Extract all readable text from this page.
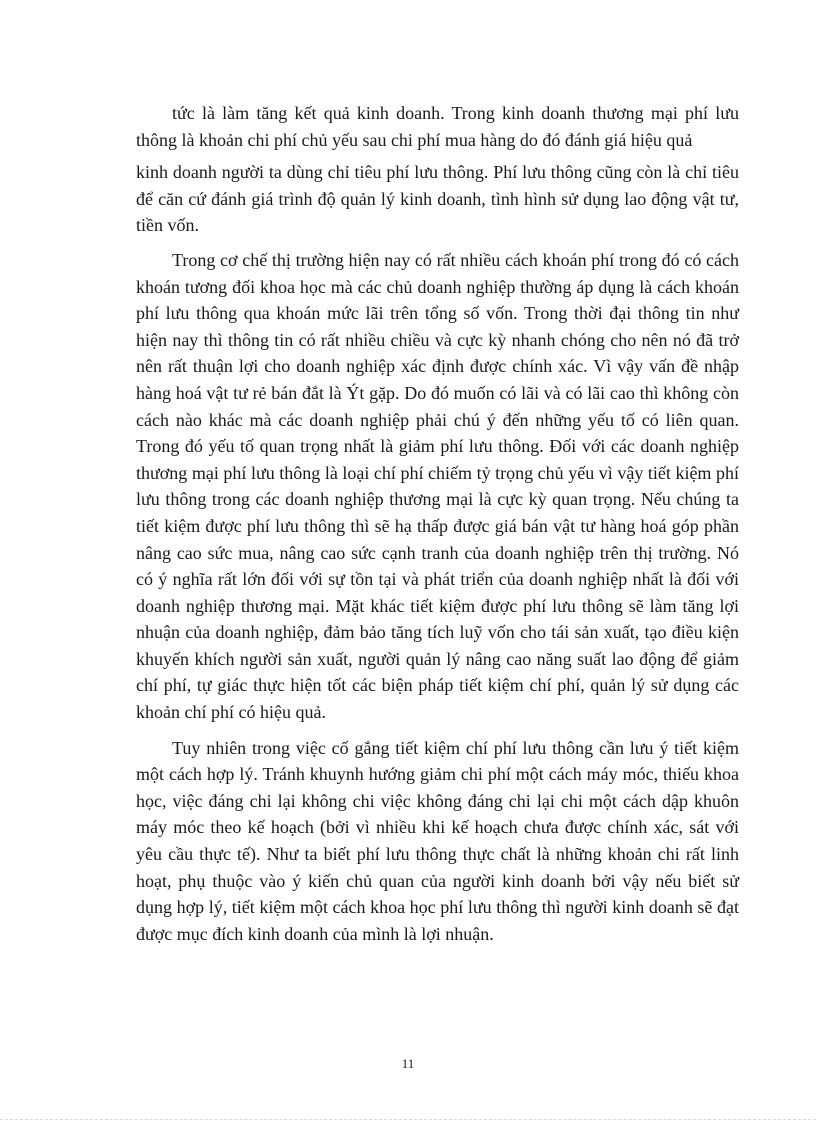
tức là làm tăng kết quả kinh doanh. Trong kinh doanh thương mại phí lưu thông là khoản chi phí chủ yếu sau chi phí mua hàng do đó đánh giá hiệu quả

kinh doanh người ta dùng chỉ tiêu phí lưu thông. Phí lưu thông cũng còn là chỉ tiêu để căn cứ đánh giá trình độ quản lý kinh doanh, tình hình sử dụng lao động vật tư, tiền vốn.

Trong cơ chế thị trường hiện nay có rất nhiều cách khoán phí trong đó có cách khoán tương đối khoa học mà các chủ doanh nghiệp thường áp dụng là cách khoán phí lưu thông qua khoán mức lãi trên tổng số vốn. Trong thời đại thông tin như hiện nay thì thông tin có rất nhiều chiều và cực kỳ nhanh chóng cho nên nó đã trở nên rất thuận lợi cho doanh nghiệp xác định được chính xác. Vì vậy vấn đề nhập hàng hoá vật tư rẻ bán đắt là Ýt gặp. Do đó muốn có lãi và có lãi cao thì không còn cách nào khác mà các doanh nghiệp phải chú ý đến những yếu tố có liên quan. Trong đó yếu tố quan trọng nhất là giảm phí lưu thông. Đối với các doanh nghiệp thương mại phí lưu thông là loại chí phí chiếm tỷ trọng chủ yếu vì vậy tiết kiệm phí lưu thông trong các doanh nghiệp thương mại là cực kỳ quan trọng. Nếu chúng ta tiết kiệm được phí lưu thông thì sẽ hạ thấp được giá bán vật tư hàng hoá góp phần nâng cao sức mua, nâng cao sức cạnh tranh của doanh nghiệp trên thị trường. Nó có ý nghĩa rất lớn đối với sự tồn tại và phát triển của doanh nghiệp nhất là đối với doanh nghiệp thương mại. Mặt khác tiết kiệm được phí lưu thông sẽ làm tăng lợi nhuận của doanh nghiệp, đảm bảo tăng tích luỹ vốn cho tái sản xuất, tạo điều kiện khuyến khích người sản xuất, người quản lý nâng cao năng suất lao động để giảm chí phí, tự giác thực hiện tốt các biện pháp tiết kiệm chí phí, quản lý sử dụng các khoản chí phí có hiệu quả.

Tuy nhiên trong việc cố gắng tiết kiệm chí phí lưu thông cần lưu ý tiết kiệm một cách hợp lý. Tránh khuynh hướng giảm chi phí một cách máy móc, thiếu khoa học, việc đáng chi lại không chi việc không đáng chi lại chi một cách dập khuôn máy móc theo kế hoạch (bởi vì nhiều khi kế hoạch chưa được chính xác, sát với yêu cầu thực tế). Như ta biết phí lưu thông thực chất là những khoản chi rất linh hoạt, phụ thuộc vào ý kiến chủ quan của người kinh doanh bởi vậy nếu biết sử dụng hợp lý, tiết kiệm một cách khoa học phí lưu thông thì người kinh doanh sẽ đạt được mục đích kinh doanh của mình là lợi nhuận.

11
